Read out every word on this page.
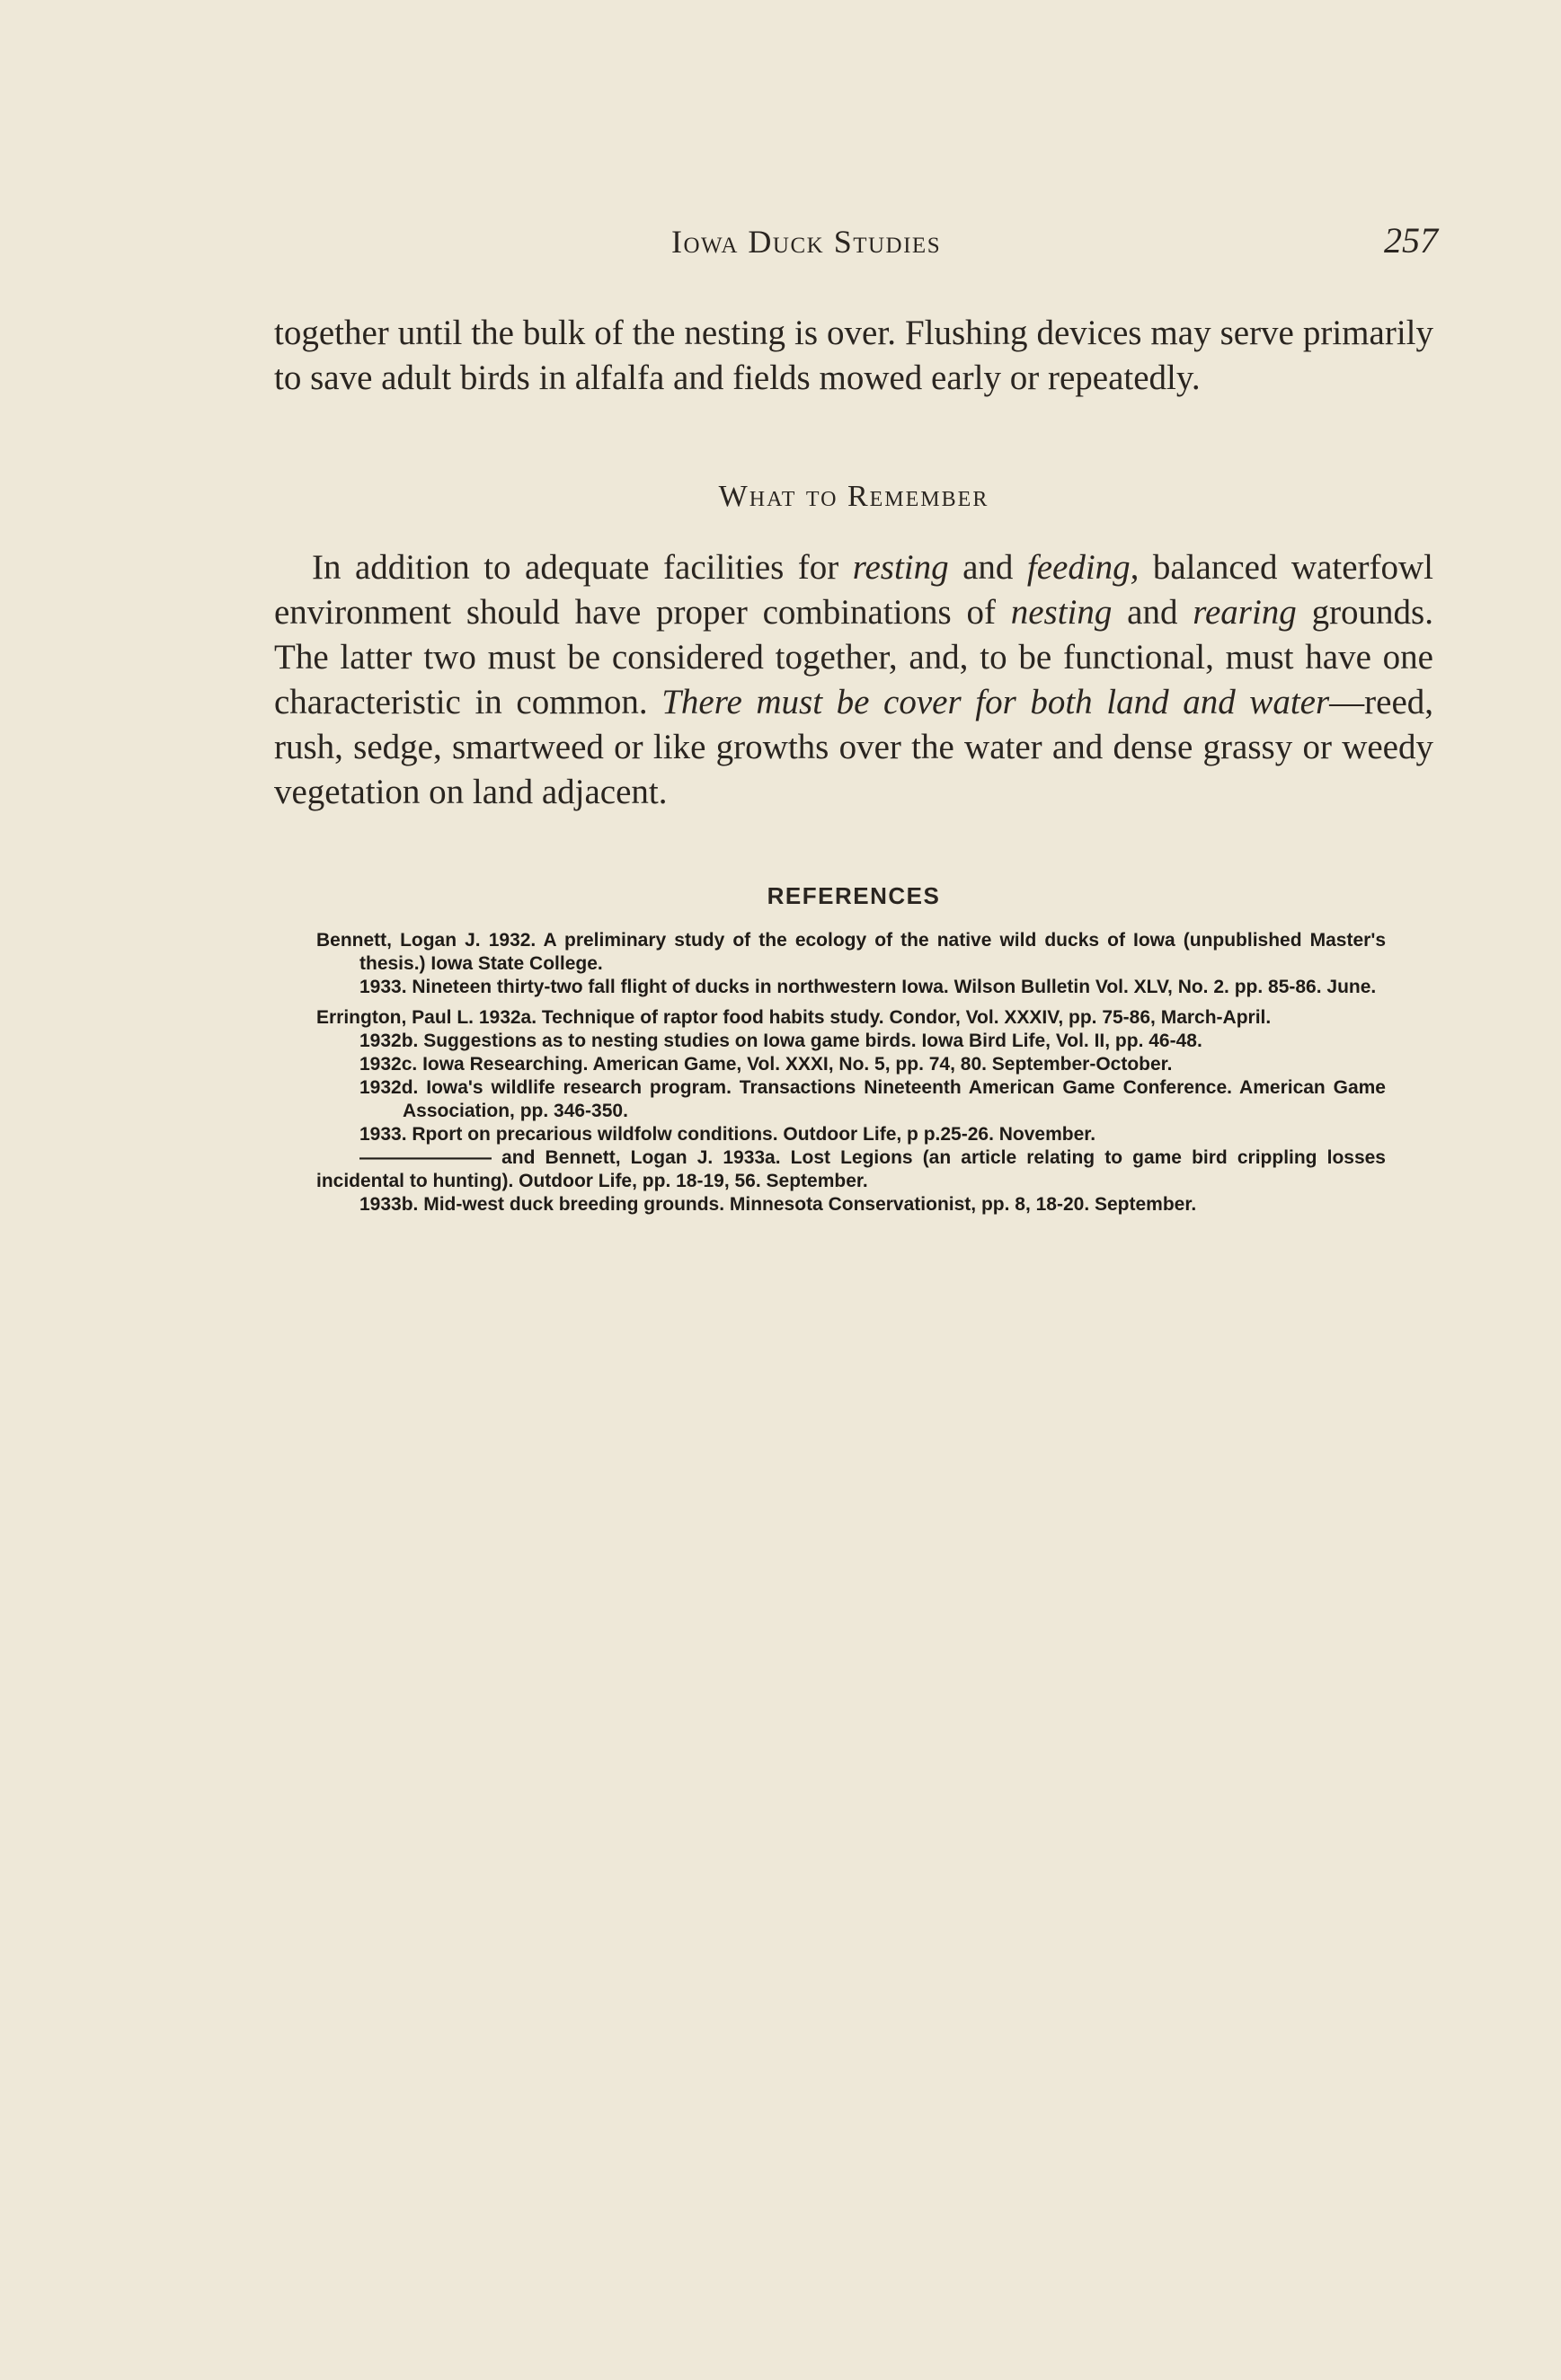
Iowa Duck Studies	257

together until the bulk of the nesting is over. Flushing devices may serve primarily to save adult birds in alfalfa and fields mowed early or repeatedly.

What to Remember

In addition to adequate facilities for resting and feeding, balanced waterfowl environment should have proper combinations of nesting and rearing grounds. The latter two must be considered together, and, to be functional, must have one characteristic in common. There must be cover for both land and water—reed, rush, sedge, smartweed or like growths over the water and dense grassy or weedy vegetation on land adjacent.

REFERENCES
Bennett, Logan J. 1932. A preliminary study of the ecology of the native wild ducks of Iowa (unpublished Master's thesis.) Iowa State College.
1933. Nineteen thirty-two fall flight of ducks in northwestern Iowa. Wilson Bulletin Vol. XLV, No. 2. pp. 85-86. June.
Errington, Paul L. 1932a. Technique of raptor food habits study. Condor, Vol. XXXIV, pp. 75-86, March-April.
1932b. Suggestions as to nesting studies on Iowa game birds. Iowa Bird Life, Vol. II, pp. 46-48.
1932c. Iowa Researching. American Game, Vol. XXXI, No. 5, pp. 74, 80. September-October.
1932d. Iowa's wildlife research program. Transactions Nineteenth American Game Conference. American Game Association, pp. 346-350.
1933. Rport on precarious wildfolw conditions. Outdoor Life, p p.25-26. November.
——————— and Bennett, Logan J. 1933a. Lost Legions (an article relating to game bird crippling losses incidental to hunting). Outdoor Life, pp. 18-19, 56. September.
1933b. Mid-west duck breeding grounds. Minnesota Conservationist, pp. 8, 18-20. September.
